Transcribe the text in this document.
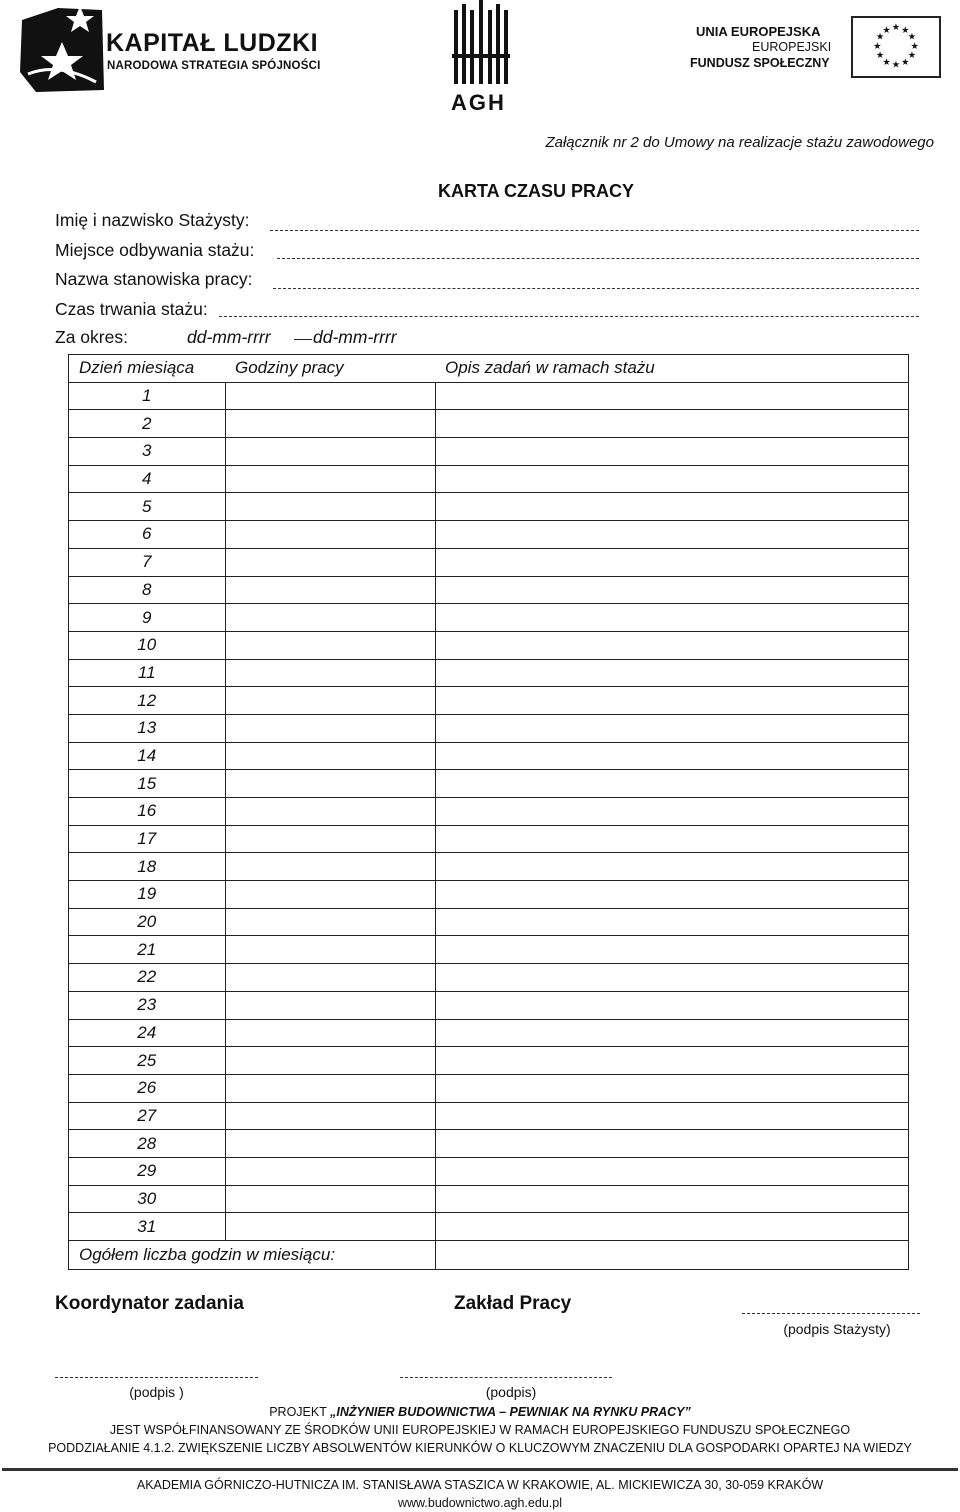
KAPITAŁ LUDZKI
NARODOWA STRATEGIA SPÓJNOŚCI
AGH
UNIA EUROPEJSKA
EUROPEJSKI
FUNDUSZ SPOŁECZNY
★ ★
★
★
★
★
★
★
★
★
★
★
Załącznik nr 2 do Umowy na realizacje stażu zawodowego
KARTA CZASU PRACY
Imię i nazwisko Stażysty:
Miejsce odbywania stażu:
Nazwa stanowiska pracy:
Czas trwania stażu:
Za okres:	dd-mm-rrrr dd-mm-rrrr
Dzień miesiąca	Godziny pracy	Opis zadań w ramach stażu
1		
2		
3		
4		
5		
6		
7		
8		
9		
10		
11		
12		
13		
14		
15		
16		
17		
18		
19		
20		
21		
22		
23		
24		
25		
26		
27		
28		
29		
30		
31		
Ogółem liczba godzin w miesiącu:		
Koordynator zadania	Zakład Pracy
(podpis Stażysty)
(podpis )	(podpis)
PROJEKT „INŻYNIER BUDOWNICTWA – PEWNIAK NA RYNKU PRACY”
JEST WSPÓŁFINANSOWANY ZE ŚRODKÓW UNII EUROPEJSKIEJ W RAMACH EUROPEJSKIEGO FUNDUSZU SPOŁECZNEGO
PODDZIAŁANIE 4.1.2. ZWIĘKSZENIE LICZBY ABSOLWENTÓW KIERUNKÓW O KLUCZOWYM ZNACZENIU DLA GOSPODARKI OPARTEJ NA WIEDZY
AKADEMIA GÓRNICZO-HUTNICZA IM. STANISŁAWA STASZICA W KRAKOWIE, AL. MICKIEWICZA 30, 30-059 KRAKÓW
www.budownictwo.agh.edu.pl
